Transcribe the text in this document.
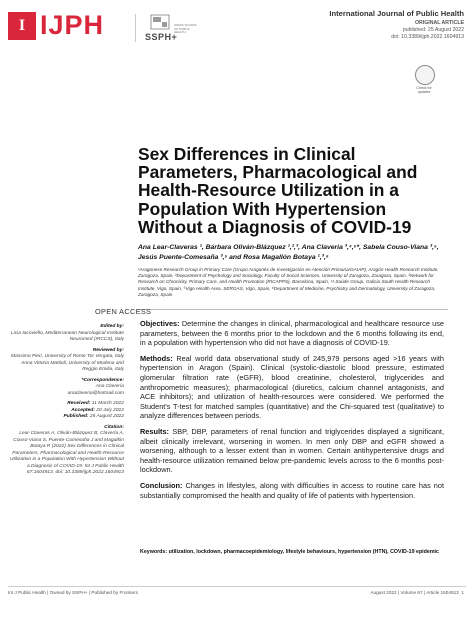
I IJPH	SSPH+
SWISS SCHOOL OF PUBLIC HEALTH
International Journal of Public Health
ORIGINAL ARTICLE
published: 25 August 2022
doi: 10.3389/ijph.2022.1604913
Check for updates
Sex Differences in Clinical Parameters, Pharmacological and Health-Resource Utilization in a Population With Hypertension Without a Diagnosis of COVID-19
Ana Lear-Claveras ¹, Bárbara Oliván-Blázquez ¹,²,³, Ana Claveria ³,⁴,⁵*, Sabela Couso-Viana ³,⁵,
Jesús Puente-Comesaña ³,⁵ and Rosa Magallón Botaya ¹,³,⁶
¹Aragonese Research Group in Primary Care (Grupo Aragonés de Investigación en Atención Primaria/GAIAP), Aragón Health Research Institute, Zaragoza, Spain, ²Department of Psychology and Sociology, Faculty of Social Sciences, University of Zaragoza, Zaragoza, Spain, ³Network for Research on Chronicity, Primary Care, and Health Promotion (RICAPPS), Barcelona, Spain, ⁴I-Saúde Group, Galicia South Health Research Institute, Vigo, Spain, ⁵Vigo Health Area, SERGAS, Vigo, Spain, ⁶Department of Medicine, Psychiatry and Dermatology, University of Zaragoza, Zaragoza, Spain
OPEN ACCESS
Edited by:
Licia Iacoviello, Mediterranean Neurological Institute Neuromed (IRCCS), Italy
Reviewed by:
Massimo Pieri, University of Rome Tor Vergata, Italy
Anna Vittoria Mattioli, University of Modena and Reggio Emilia, Italy
*Correspondence:
Ana Clavería
anaclaveria@hotmail.com
Received: 11 March 2022
Accepted: 20 July 2022
Published: 25 August 2022
Citation:
Lear-Claveras A, Oliván-Blázquez B, Clavería A, Couso-Viana S, Puente-Comesaña J and Magallón Botaya R (2022) Sex Differences in Clinical Parameters, Pharmacological and Health-Resource Utilization in a Population With Hypertension Without a Diagnosis of COVID-19. Int J Public Health 67:1604913. doi: 10.3389/ijph.2022.1604913
Objectives: Determine the changes in clinical, pharmacological and healthcare resource use parameters, between the 6 months prior to the lockdown and the 6 months following its end, in a population with hypertension who did not have a diagnosis of COVID-19.
Methods: Real world data observational study of 245,979 persons aged >16 years with hypertension in Aragon (Spain). Clinical (systolic-diastolic blood pressure, estimated glomerular filtration rate (eGFR), blood creatinine, cholesterol, triglycerides and anthropometric measures); pharmacological (diuretics, calcium channel antagonists, and ACE inhibitors); and utilization of health-resources were considered. We performed the Student's T-test for matched samples (quantitative) and the Chi-squared test (qualitative) to analyze differences between periods.
Results: SBP, DBP, parameters of renal function and triglycerides displayed a significant, albeit clinically irrelevant, worsening in women. In men only DBP and eGFR showed a worsening, although to a lesser extent than in women. Certain antihypertensive drugs and health-resource utilization remained below pre-pandemic levels across to the 6 months post-lockdown.
Conclusion: Changes in lifestyles, along with difficulties in access to routine care has not substantially compromised the health and quality of life of patients with hypertension.
Keywords: utilization, lockdown, pharmacoepidemiology, lifestyle behaviours, hypertension (HTN), COVID-19 epidemic
Int J Public Health | Owned by SSPH+ | Published by Frontiers	August 2022 | Volume 67 | Article 1604913 1
